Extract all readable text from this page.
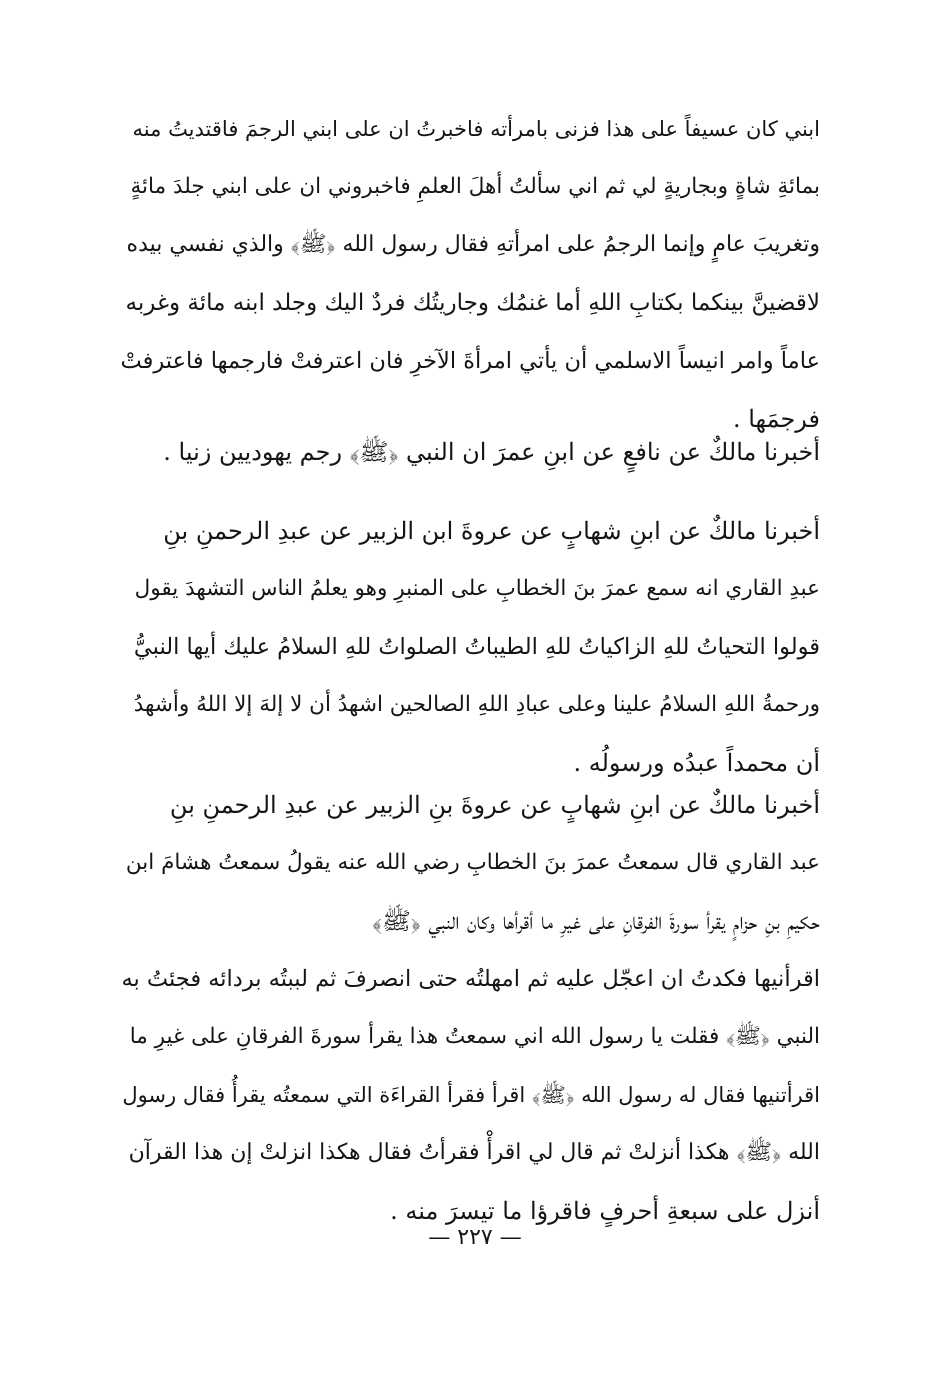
ابني كان عسيفاً على هذا فزنى بامرأته فاخبرتُ ان على ابني الرجمَ فاقتديتُ منه
بمائةِ شاةٍ وبجاريةٍ لي ثم اني سألتُ أهلَ العلمِ فاخبروني ان على ابني جلدَ مائةٍ
وتغريبَ عامٍ وإنما الرجمُ على امرأتهِ فقال رسول الله ﴿ﷺ﴾ والذي نفسي بيده
لاقضينَّ بينكما بكتابِ اللهِ أما غنمُك وجاريتُك فردٌ اليك وجلد ابنه مائة وغربه
عاماً وامر انيساً الاسلمي أن يأتي امرأةَ الآخرِ فان اعترفتْ فارجمها فاعترفتْ
فرجمَها .
أخبرنا مالكٌ عن نافعٍ عن ابنِ عمرَ ان النبي ﴿ﷺ﴾ رجم يهوديين زنيا .
أخبرنا مالكٌ عن ابنِ شهابٍ عن عروةَ ابن الزبير عن عبدِ الرحمنِ بنِ
عبدِ القاري انه سمع عمرَ بنَ الخطابِ على المنبرِ وهو يعلمُ الناس التشهدَ يقول
قولوا التحياتُ للهِ الزاكياتُ للهِ الطيباتُ الصلواتُ للهِ السلامُ عليك أيها النبيُّ
ورحمةُ اللهِ السلامُ علينا وعلى عبادِ اللهِ الصالحين اشهدُ أن لا إلهَ إلا اللهُ وأشهدُ
أن محمداً عبدُه ورسولُه .
أخبرنا مالكٌ عن ابنِ شهابٍ عن عروةَ بنِ الزبير عن عبدِ الرحمنِ بنِ
عبد القاري قال سمعتُ عمرَ بنَ الخطابِ رضي الله عنه يقولُ سمعتُ هشامَ ابن
حكيمِ بنِ حزامٍ يقرأ سورةَ الفرقانِ على غيرِ ما أقرأها وكان النبي ﴿ﷺ﴾
اقرأنيها فكدتُ ان اعجّل عليه ثم امهلتُه حتى انصرفَ ثم لببتُه بردائه فجئتُ به
النبي ﴿ﷺ﴾ فقلت يا رسول الله اني سمعتُ هذا يقرأ سورةَ الفرقانِ على غيرِ ما
اقرأتنيها فقال له رسول الله ﴿ﷺ﴾ اقرأ فقرأ القراءَة التي سمعتُه يقرأُ فقال رسول
الله ﴿ﷺ﴾ هكذا أنزلتْ ثم قال لي اقرأْ فقرأتُ فقال هكذا انزلتْ إن هذا القرآن
أنزل على سبعةِ أحرفٍ فاقرؤا ما تيسرَ منه .
— ٢٢٧ —
